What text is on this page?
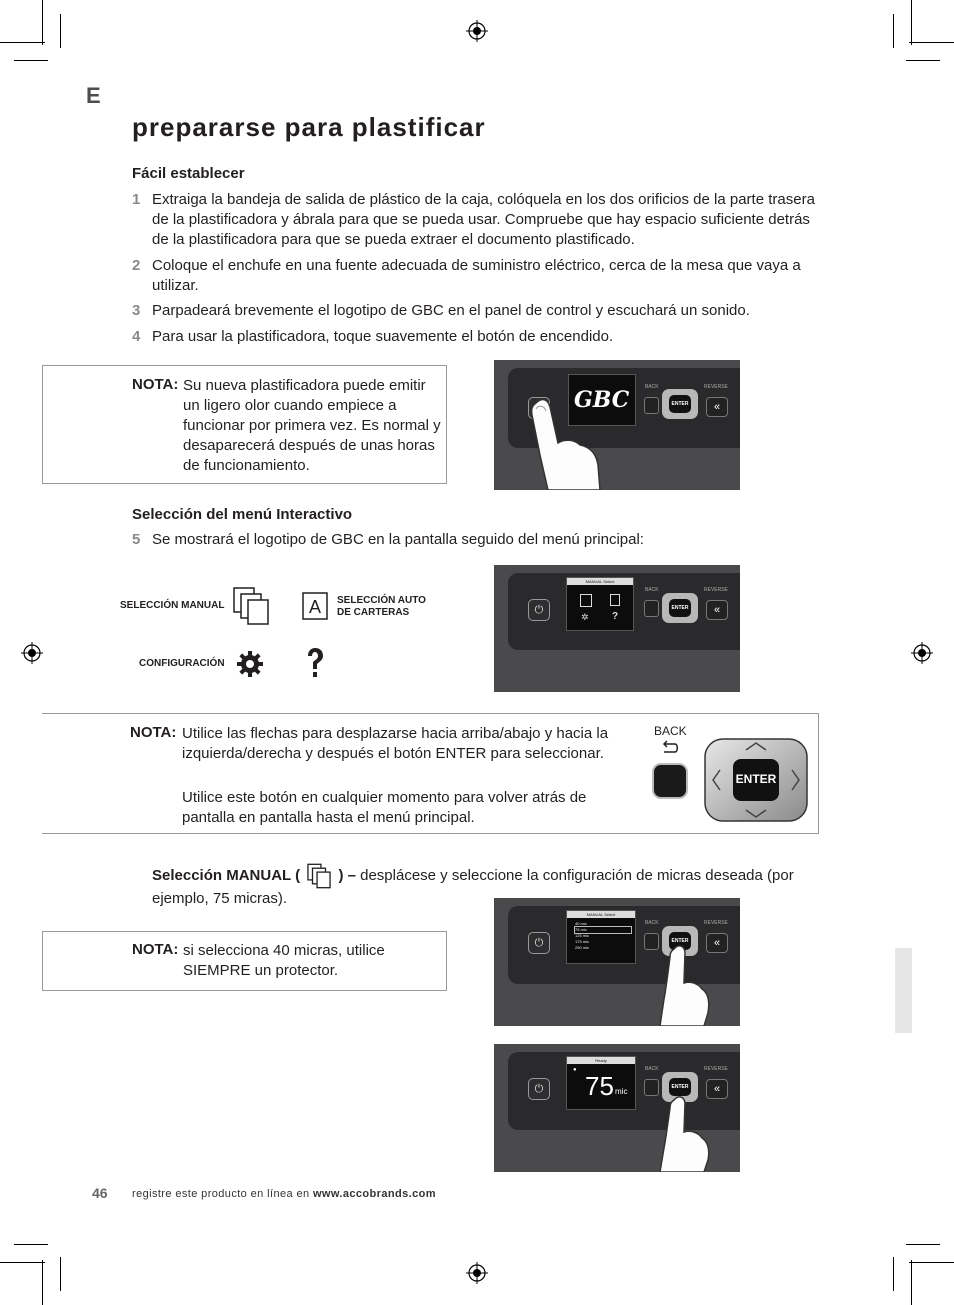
E
prepararse para plastificar
Fácil establecer
1 Extraiga la bandeja de salida de plástico de la caja, colóquela en los dos orificios de la parte trasera de la plastificadora y ábrala para que se pueda usar. Compruebe que hay espacio suficiente detrás de la plastificadora para que se pueda extraer el documento plastificado.
2 Coloque el enchufe en una fuente adecuada de suministro eléctrico, cerca de la mesa que vaya a utilizar.
3 Parpadeará brevemente el logotipo de GBC en el panel de control y escuchará un sonido.
4 Para usar la plastificadora, toque suavemente el botón de encendido.
NOTA: Su nueva plastificadora puede emitir un ligero olor cuando empiece a funcionar por primera vez. Es normal y desaparecerá después de unas horas de funcionamiento.
GBC	BACK
ENTER
REVERSE
«
Selección del menú Interactivo
5 Se mostrará el logotipo de GBC en la pantalla seguido del menú principal:
SELECCIÓN MANUAL	A SELECCIÓN AUTO DE CARTERAS
CONFIGURACIÓN
⏻
MANUAL Select
✲ ?
BACK
ENTER
REVERSE
«
NOTA: Utilice las flechas para desplazarse hacia arriba/abajo y hacia la izquierda/derecha y después el botón ENTER para seleccionar.
Utilice este botón en cualquier momento para volver atrás de pantalla en pantalla hasta el menú principal.
BACK
ENTER
Selección MANUAL (	) – desplácese y seleccione la configuración de micras deseada (por ejemplo, 75 micras).
NOTA: si selecciona 40 micras, utilice SIEMPRE un protector.
⏻
MANUAL Select
40 mic
75 mic
125 mic
175 mic
250 mic
BACK
ENTER
REVERSE
«
⏻
Ready
●
75 mic
BACK
ENTER
REVERSE
«
46 registre este producto en línea en www.accobrands.com
